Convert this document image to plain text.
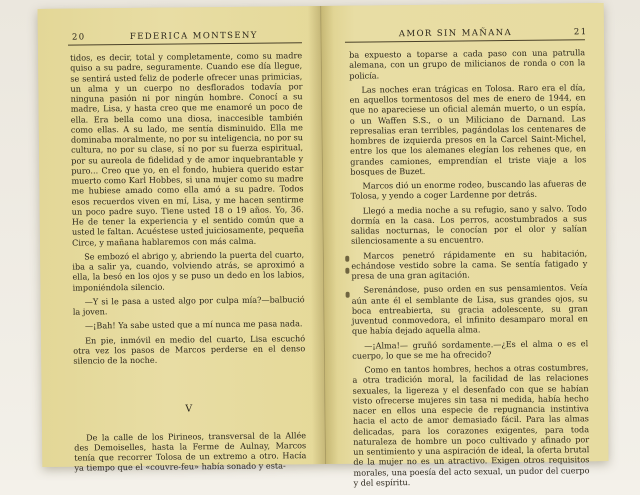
20	FEDERICA MONTSENY

tidos, es decir, total y completamente, como su madre quiso a su padre, seguramente. Cuando ese día llegue, se sentirá usted feliz de poderle ofrecer unas primicias, un alma y un cuerpo no desflorados todavía por ninguna pasión ni por ningún hombre. Conocí a su madre, Lisa, y hasta creo que me enamoré un poco de ella. Era bella como una diosa, inaccesible también como ellas. A su lado, me sentía disminuido. Ella me dominaba moralmente, no por su inteligencia, no por su cultura, no por su clase, sí no por su fuerza espiritual, por su aureola de fidelidad y de amor inquebrantable y puro... Creo que yo, en el fondo, hubiera querido estar muerto como Karl Hobbes, si una mujer como su madre me hubiese amado como ella amó a su padre. Todos esos recuerdos viven en mí, Lisa, y me hacen sentirme un poco padre suyo. Tiene usted 18 o 19 años. Yo, 36. He de tener la experiencia y el sentido común que a usted le faltan. Acuéstese usted juiciosamente, pequeña Circe, y mañana hablaremos con más calma.

Se embozó el abrigo y, abriendo la puerta del cuarto, iba a salir ya, cuando, volviendo atrás, se aproximó a ella, la besó en los ojos y se puso un dedo en los labios, imponiéndola silencio.

—Y si le pasa a usted algo por culpa mía?—balbució la joven.

—¡Bah! Ya sabe usted que a mí nunca me pasa nada.

En pie, inmóvil en medio del cuarto, Lisa escuchó otra vez los pasos de Marcos perderse en el denso silencio de la noche.

V

De la calle de los Pirineos, transversal de la Allée des Demoiselles, hasta la Ferme de Aulnay, Marcos tenía que recorrer Tolosa de un extremo a otro. Hacía ya tiempo que el «couvre-feu» había sonado y esta-

AMOR SIN MAÑANA	21

ba expuesto a toparse a cada paso con una patrulla alemana, con un grupo de milicianos de ronda o con la policía.

Las noches eran trágicas en Tolosa. Raro era el día, en aquellos tormentosos del mes de enero de 1944, en que no apareciese un oficial alemán muerto, o un espía, o un Waffen S.S., o un Miliciano de Darnand. Las represalias eran terribles, pagándolas los centenares de hombres de izquierda presos en la Carcel Saint-Michel, entre los que los alemanes elegían los rehenes que, en grandes camiones, emprendían el triste viaje a los bosques de Buzet.

Marcos dió un enorme rodeo, buscando las afueras de Tolosa, y yendo a coger Lardenne por detrás.

Llegó a media noche a su refugio, sano y salvo. Todo dormía en la casa. Los perros, acostumbrados a sus salidas nocturnas, le conocían por el olor y salían silenciosamente a su encuentro.

Marcos penetró rápidamente en su habitación, echándose vestido sobre la cama. Se sentía fatigado y presa de una gran agitación.

Serenándose, puso orden en sus pensamientos. Veía aún ante él el semblante de Lisa, sus grandes ojos, su boca entreabierta, su gracia adolescente, su gran juventud conmovedora, el infinito desamparo moral en que había dejado aquella alma.

—¡Alma!— gruñó sordamente.—¿Es el alma o es el cuerpo, lo que se me ha ofrecido?

Como en tantos hombres, hechos a otras costumbres, a otra tradición moral, la facilidad de las relaciones sexuales, la ligereza y el desenfado con que se habían visto ofrecerse mujeres sin tasa ni medida, había hecho nacer en ellos una especie de repugnancia instintiva hacia el acto de amor demasiado fácil. Para las almas delicadas, para los corazones exigentes, para toda naturaleza de hombre un poco cultivado y afinado por un sentimiento y una aspiración de ideal, la oferta brutal de la mujer no es un atractivo. Exigen otros requisitos morales, una poesía del acto sexual, un pudor del cuerpo y del espíritu.
